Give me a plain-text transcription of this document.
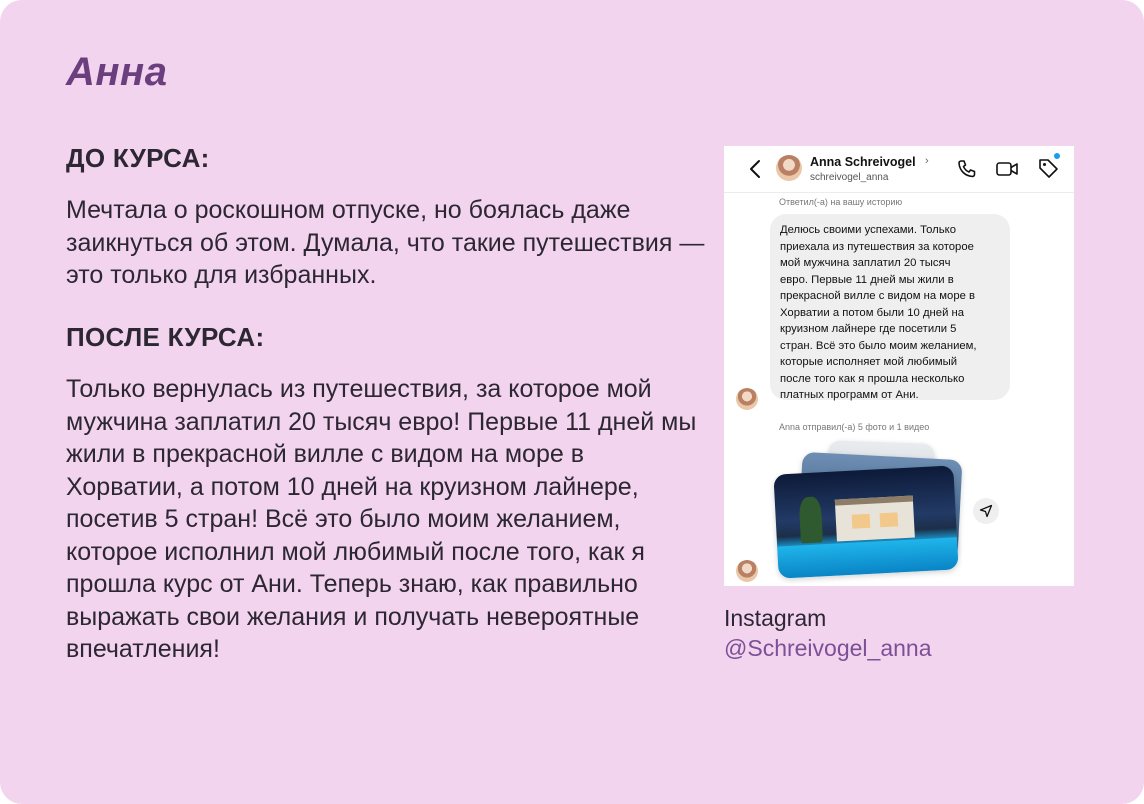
Анна
ДО КУРСА:
Мечтала о роскошном отпуске, но боялась даже заикнуться об этом. Думала, что такие путешествия — это только для избранных.
ПОСЛЕ КУРСА:
Только вернулась из путешествия, за которое мой мужчина заплатил 20 тысяч евро! Первые 11 дней мы жили в прекрасной вилле с видом на море в Хорватии, а потом 10 дней на круизном лайнере, посетив 5 стран! Всё это было моим желанием, которое исполнил мой любимый после того, как я прошла курс от Ани. Теперь знаю, как правильно выражать свои желания и получать невероятные впечатления!
Anna Schreivogel ›
schreivogel_anna
Ответил(-а) на вашу историю
Делюсь своими успехами. Только
приехала из путешествия за которое
мой мужчина заплатил 20 тысяч
евро. Первые 11 дней мы жили в
прекрасной вилле с видом на море в
Хорватии а потом были 10 дней на
круизном лайнере где посетили 5
стран. Всё это было моим желанием,
которые исполняет мой любимый
после того как я прошла несколько
платных программ от Ани.
Anna отправил(-а) 5 фото и 1 видео
Instagram
@Schreivogel_anna
